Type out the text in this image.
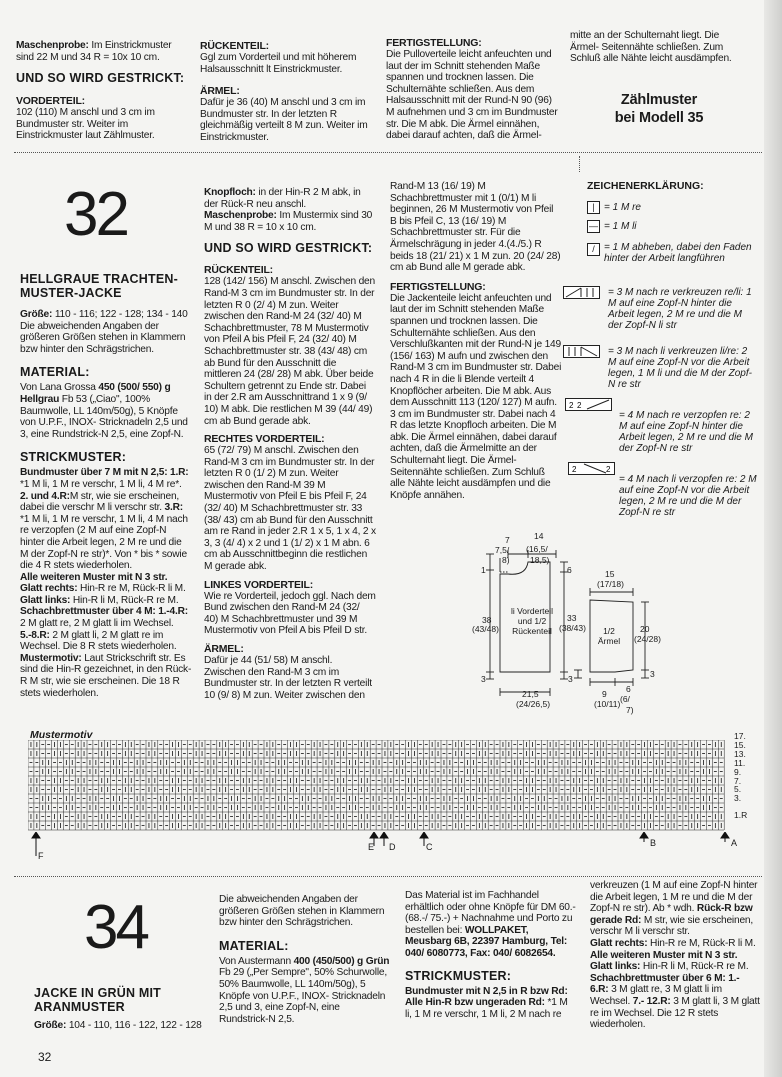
Maschenprobe: Im Einstrickmuster sind 22 M und 34 R = 10x 10 cm.

UND SO WIRD GESTRICKT:
VORDERTEIL:

102 (110) M anschl und 3 cm im Bundmuster str. Weiter im Einstrickmuster laut Zählmuster.

RÜCKENTEIL:

Ggl zum Vorderteil und mit höherem Halsausschnitt lt Einstrickmuster.

ÄRMEL:

Dafür je 36 (40) M anschl und 3 cm im Bundmuster str. In der letzten R gleichmäßig verteilt 8 M zun. Weiter im Einstrickmuster.

FERTIGSTELLUNG:

Die Pulloverteile leicht anfeuchten und laut der im Schnitt stehenden Maße spannen und trocknen lassen. Die Schulternähte schließen. Aus dem Halsausschnitt mit der Rund-N 90 (96) M aufnehmen und 3 cm im Bundmuster str. Die M abk. Die Ärmel einnähen, dabei darauf achten, daß die Ärmel-

mitte an der Schulternaht liegt. Die Ärmel- Seitennähte schließen. Zum Schluß alle Nähte leicht ausdämpfen.

Zählmuster
bei Modell 35
32
HELLGRAUE TRACHTEN-
MUSTER-JACKE

Größe: 110 - 116; 122 - 128; 134 - 140

Die abweichenden Angaben der größeren Größen stehen in Klammern bzw hinter den Schrägstrichen.

MATERIAL:

Von Lana Grossa 450 (500/ 550) g Hellgrau Fb 53 („Ciao", 100% Baumwolle, LL 140m/50g), 5 Knöpfe von U.P.F., INOX- Stricknadeln 2,5 und 3, eine Rundstrick-N 2,5, eine Zopf-N.

STRICKMUSTER:

Bundmuster über 7 M mit N 2,5: 1.R: *1 M li, 1 M re verschr, 1 M li, 4 M re*. 2. und 4.R:M str, wie sie erscheinen, dabei die verschr M li verschr str. 3.R: *1 M li, 1 M re verschr, 1 M li, 4 M nach re verzopfen (2 M auf eine Zopf-N hinter die Arbeit legen, 2 M re und die M der Zopf-N re str)*. Von * bis * sowie die 4 R stets wiederholen.

Alle weiteren Muster mit N 3 str.

Glatt rechts: Hin-R re M, Rück-R li M.

Glatt links: Hin-R li M, Rück-R re M.

Schachbrettmuster über 4 M: 1.-4.R: 2 M glatt re, 2 M glatt li im Wechsel. 5.-8.R: 2 M glatt li, 2 M glatt re im Wechsel. Die 8 R stets wiederholen.

Mustermotiv: Laut Strickschrift str. Es sind die Hin-R gezeichnet, in den Rück-R M str, wie sie erscheinen. Die 18 R stets wiederholen.

Knopfloch: in der Hin-R 2 M abk, in der Rück-R neu anschl.

Maschenprobe: Im Mustermix sind 30 M und 38 R = 10 x 10 cm.

UND SO WIRD GESTRICKT:
RÜCKENTEIL:

128 (142/ 156) M anschl. Zwischen den Rand-M 3 cm im Bundmuster str. In der letzten R 0 (2/ 4) M zun. Weiter zwischen den Rand-M 24 (32/ 40) M Schachbrettmuster, 78 M Mustermotiv von Pfeil A bis Pfeil F, 24 (32/ 40) M Schachbrettmuster str. 38 (43/ 48) cm ab Bund für den Ausschnitt die mittleren 24 (28/ 28) M abk. Über beide Schultern getrennt zu Ende str. Dabei in der 2.R am Ausschnittrand 1 x 9 (9/ 10) M abk. Die restlichen M 39 (44/ 49) cm ab Bund gerade abk.

RECHTES VORDERTEIL:

65 (72/ 79) M anschl. Zwischen den Rand-M 3 cm im Bundmuster str. In der letzten R 0 (1/ 2) M zun. Weiter zwischen den Rand-M 39 M Mustermotiv von Pfeil E bis Pfeil F, 24 (32/ 40) M Schachbrettmuster str. 33 (38/ 43) cm ab Bund für den Ausschnitt am re Rand in jeder 2.R 1 x 5, 1 x 4, 2 x 3, 3 (4/ 4) x 2 und 1 (1/ 2) x 1 M abn. 6 cm ab Ausschnittbeginn die restlichen M gerade abk.

LINKES VORDERTEIL:

Wie re Vorderteil, jedoch ggl. Nach dem Bund zwischen den Rand-M 24 (32/ 40) M Schachbrettmuster und 39 M Mustermotiv von Pfeil A bis Pfeil D str.

ÄRMEL:

Dafür je 44 (51/ 58) M anschl. Zwischen den Rand-M 3 cm im Bundmuster str. In der letzten R verteilt 10 (9/ 8) M zun. Weiter zwischen den

Rand-M 13 (16/ 19) M Schachbrettmuster mit 1 (0/1) M li beginnen, 26 M Mustermotiv von Pfeil B bis Pfeil C, 13 (16/ 19) M Schachbrettmuster str. Für die Ärmelschrägung in jeder 4.(4./5.) R beids 18 (21/ 21) x 1 M zun. 20 (24/ 28) cm ab Bund alle M gerade abk.

FERTIGSTELLUNG:

Die Jackenteile leicht anfeuchten und laut der im Schnitt stehenden Maße spannen und trocknen lassen. Die Schulternähte schließen. Aus den Verschlußkanten mit der Rund-N je 149 (156/ 163) M aufn und zwischen den Rand-M 3 cm im Bundmuster str. Dabei nach 4 R in die li Blende verteilt 4 Knopflöcher arbeiten. Die M abk. Aus dem Ausschnitt 113 (120/ 127) M aufn. 3 cm im Bundmuster str. Dabei nach 4 R das letzte Knopfloch arbeiten. Die M abk. Die Ärmel einnähen, dabei darauf achten, daß die Ärmelmitte an der Schulternaht liegt. Die Ärmel- Seitennähte schließen. Zum Schluß alle Nähte leicht ausdämpfen und die Knöpfe annähen.

ZEICHENERKLÄRUNG:
| = 1 M re
— = 1 M li
/ = 1 M abheben, dabei den Faden hinter der Arbeit langführen
= 3 M nach re verkreuzen re/li: 1 M auf eine Zopf-N hinter die Arbeit legen, 2 M re und die M der Zopf-N li str
= 3 M nach li verkreuzen li/re: 2 M auf eine Zopf-N vor die Arbeit legen, 1 M li und die M der Zopf-N re str
2 2
= 4 M nach re verzopfen re: 2 M auf eine Zopf-N hinter die Arbeit legen, 2 M re und die M der Zopf-N re str
2	2
= 4 M nach li verzopfen re: 2 M auf eine Zopf-N vor die Arbeit legen, 2 M re und die M der Zopf-N re str
7	14
7,5/ (16,5/
8) 18,5)
1	6
38
(43/48)
33
(38/43)
li Vorderteil und 1/2 Rückenteil	1/2 Ärmel
3	3
21,5
(24/26,5)
15
(17/18)
20
(24/28)
3
9
(10/11)
6
(6/
7)
Mustermotiv	17.
15.
13.
11.
9.
7.
5.
3.
1.R
F
E D	C	B	A
34
JACKE IN GRÜN MIT
ARANMUSTER

Größe: 104 - 110, 116 - 122, 122 - 128

Die abweichenden Angaben der größeren Größen stehen in Klammern bzw hinter den Schrägstrichen.

MATERIAL:

Von Austermann 400 (450/500) g Grün Fb 29 („Per Sempre", 50% Schurwolle, 50% Baumwolle, LL 140m/50g), 5 Knöpfe von U.P.F., INOX- Stricknadeln 2,5 und 3, eine Zopf-N, eine Rundstrick-N 2,5.

Das Material ist im Fachhandel erhältlich oder ohne Knöpfe für DM 60.- (68.-/ 75.-) + Nachnahme und Porto zu bestellen bei: WOLLPAKET, Meusbarg 6B, 22397 Hamburg, Tel: 040/ 6080773, Fax: 040/ 6082654.

STRICKMUSTER:

Bundmuster mit N 2,5 in R bzw Rd: Alle Hin-R bzw ungeraden Rd: *1 M li, 1 M re verschr, 1 M li, 2 M nach re

verkreuzen (1 M auf eine Zopf-N hinter die Arbeit legen, 1 M re und die M der Zopf-N re str). Ab * wdh. Rück-R bzw gerade Rd: M str, wie sie erscheinen, verschr M li verschr str.

Glatt rechts: Hin-R re M, Rück-R li M.

Alle weiteren Muster mit N 3 str.

Glatt links: Hin-R li M, Rück-R re M.

Schachbrettmuster über 6 M: 1.- 6.R: 3 M glatt re, 3 M glatt li im Wechsel. 7.- 12.R: 3 M glatt li, 3 M glatt re im Wechsel. Die 12 R stets wiederholen.

32
